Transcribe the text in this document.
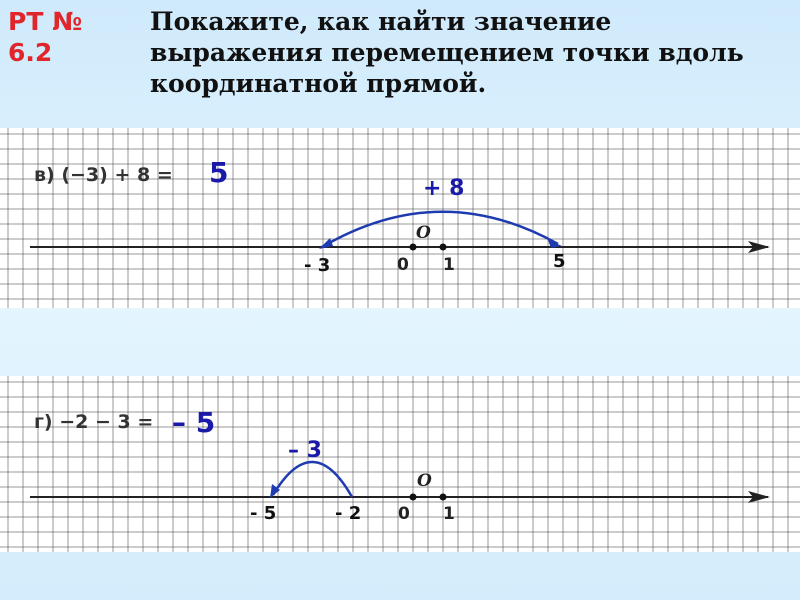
РТ № 6.2
Покажите, как найти значение выражения перемещением точки вдоль координатной прямой.
в) (−3) + 8 = 5	+ 8
O
0 1
- 3	5
г) −2 − 3 = – 5
– 3
O
0 1
- 5	- 2
